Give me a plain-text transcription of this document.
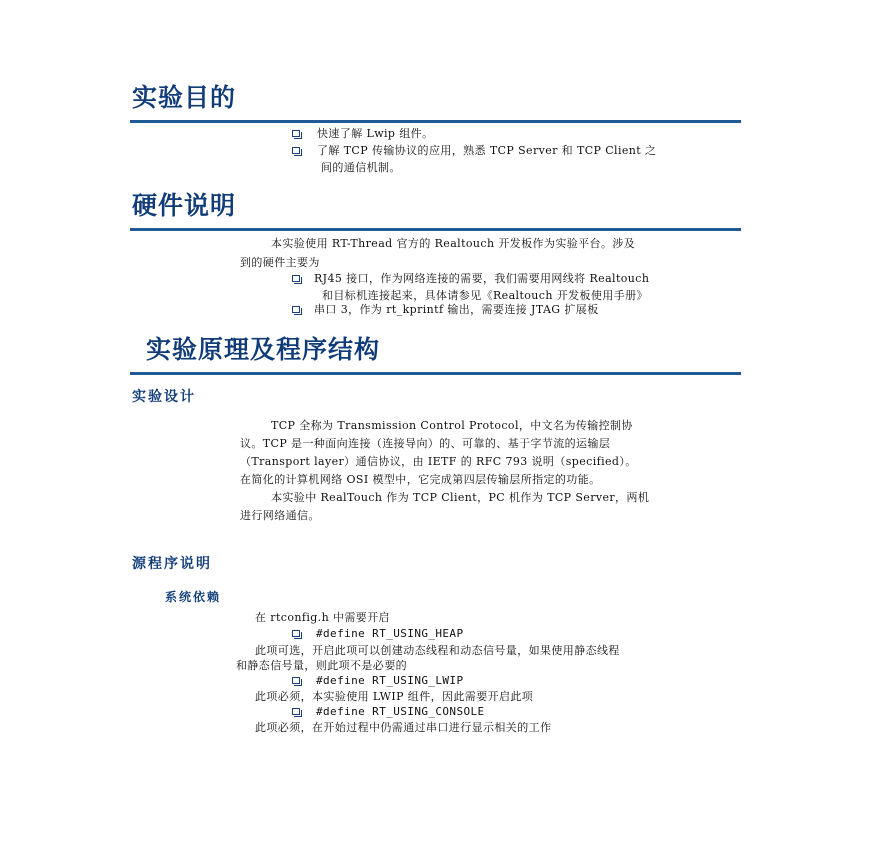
实验目的
快速了解 Lwip 组件。
了解 TCP 传输协议的应用，熟悉 TCP Server 和 TCP Client 之
间的通信机制。
硬件说明
本实验使用 RT-Thread 官方的 Realtouch 开发板作为实验平台。涉及
到的硬件主要为
RJ45 接口，作为网络连接的需要，我们需要用网线将 Realtouch
和目标机连接起来，具体请参见《Realtouch 开发板使用手册》
串口 3，作为 rt_kprintf 输出，需要连接 JTAG 扩展板
实验原理及程序结构
实验设计
TCP 全称为 Transmission Control Protocol，中文名为传输控制协
议。TCP 是一种面向连接（连接导向）的、可靠的、基于字节流的运输层
（Transport layer）通信协议，由 IETF 的 RFC 793 说明（specified）。
在简化的计算机网络 OSI 模型中，它完成第四层传输层所指定的功能。
本实验中 RealTouch 作为 TCP Client，PC 机作为 TCP Server，两机
进行网络通信。
源程序说明
系统依赖
在 rtconfig.h 中需要开启
#define RT_USING_HEAP
此项可选，开启此项可以创建动态线程和动态信号量，如果使用静态线程
和静态信号量，则此项不是必要的
#define RT_USING_LWIP
此项必须，本实验使用 LWIP 组件，因此需要开启此项
#define RT_USING_CONSOLE
此项必须，在开始过程中仍需通过串口进行显示相关的工作
